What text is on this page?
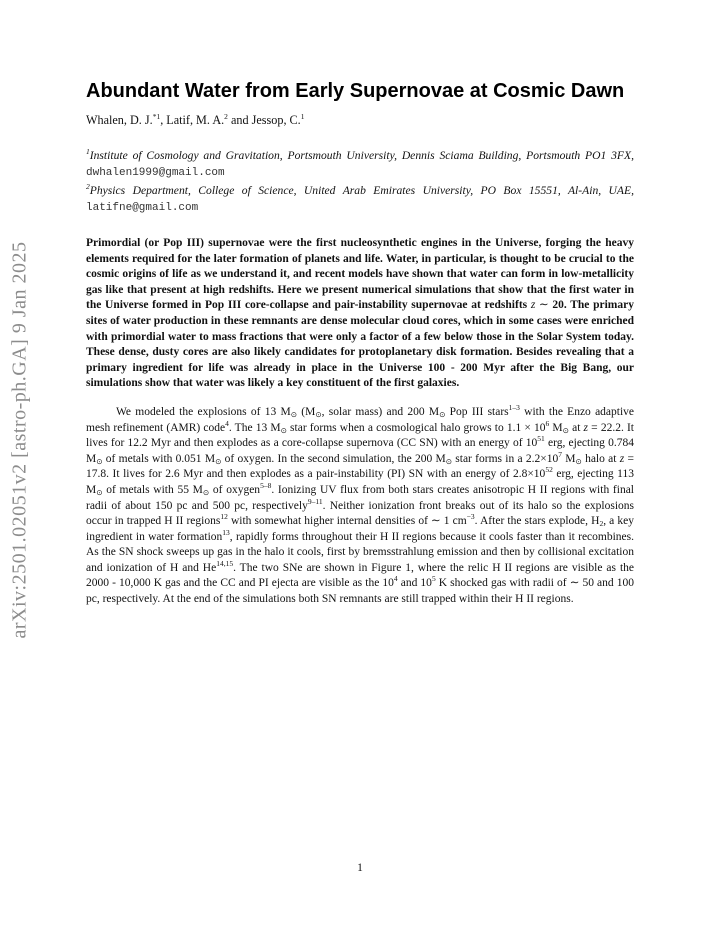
arXiv:2501.02051v2 [astro-ph.GA] 9 Jan 2025
Abundant Water from Early Supernovae at Cosmic Dawn
Whalen, D. J.$^{*1}$, Latif, M. A.$^2$ and Jessop, C.$^1$
$^1$Institute of Cosmology and Gravitation, Portsmouth University, Dennis Sciama Building, Portsmouth PO1 3FX, dwhalen1999@gmail.com
$^2$Physics Department, College of Science, United Arab Emirates University, PO Box 15551, Al-Ain, UAE, latifne@gmail.com
Primordial (or Pop III) supernovae were the first nucleosynthetic engines in the Universe, forging the heavy elements required for the later formation of planets and life. Water, in particular, is thought to be crucial to the cosmic origins of life as we understand it, and recent models have shown that water can form in low-metallicity gas like that present at high redshifts. Here we present numerical simulations that show that the first water in the Universe formed in Pop III core-collapse and pair-instability supernovae at redshifts z ∼ 20. The primary sites of water production in these remnants are dense molecular cloud cores, which in some cases were enriched with primordial water to mass fractions that were only a factor of a few below those in the Solar System today. These dense, dusty cores are also likely candidates for protoplanetary disk formation. Besides revealing that a primary ingredient for life was already in place in the Universe 100 - 200 Myr after the Big Bang, our simulations show that water was likely a key constituent of the first galaxies.
We modeled the explosions of 13 $M_⊙$ ($M_⊙$, solar mass) and 200 $M_⊙$ Pop III stars$^{1-3}$ with the Enzo adaptive mesh refinement (AMR) code$^4$. The 13 $M_⊙$ star forms when a cosmological halo grows to $1.1 \times 10^6$ $M_⊙$ at z = 22.2. It lives for 12.2 Myr and then explodes as a core-collapse supernova (CC SN) with an energy of $10^{51}$ erg, ejecting 0.784 $M_⊙$ of metals with 0.051 $M_⊙$ of oxygen. In the second simulation, the 200 $M_⊙$ star forms in a $2.2\times 10^7$ $M_⊙$ halo at z = 17.8. It lives for 2.6 Myr and then explodes as a pair-instability (PI) SN with an energy of $2.8\times 10^{52}$ erg, ejecting 113 $M_⊙$ of metals with 55 $M_⊙$ of oxygen$^{5-8}$. Ionizing UV flux from both stars creates anisotropic H II regions with final radii of about 150 pc and 500 pc, respectively$^{9-11}$. Neither ionization front breaks out of its halo so the explosions occur in trapped H II regions$^{12}$ with somewhat higher internal densities of ∼ 1 $cm^{-3}$. After the stars explode, $H_2$, a key ingredient in water formation$^{13}$, rapidly forms throughout their H II regions because it cools faster than it recombines. As the SN shock sweeps up gas in the halo it cools, first by bremsstrahlung emission and then by collisional excitation and ionization of H and He$^{14,15}$. The two SNe are shown in Figure 1, where the relic H II regions are visible as the 2000 - 10,000 K gas and the CC and PI ejecta are visible as the $10^4$ and $10^5$ K shocked gas with radii of ∼ 50 and 100 pc, respectively. At the end of the simulations both SN remnants are still trapped within their H II regions.
1
